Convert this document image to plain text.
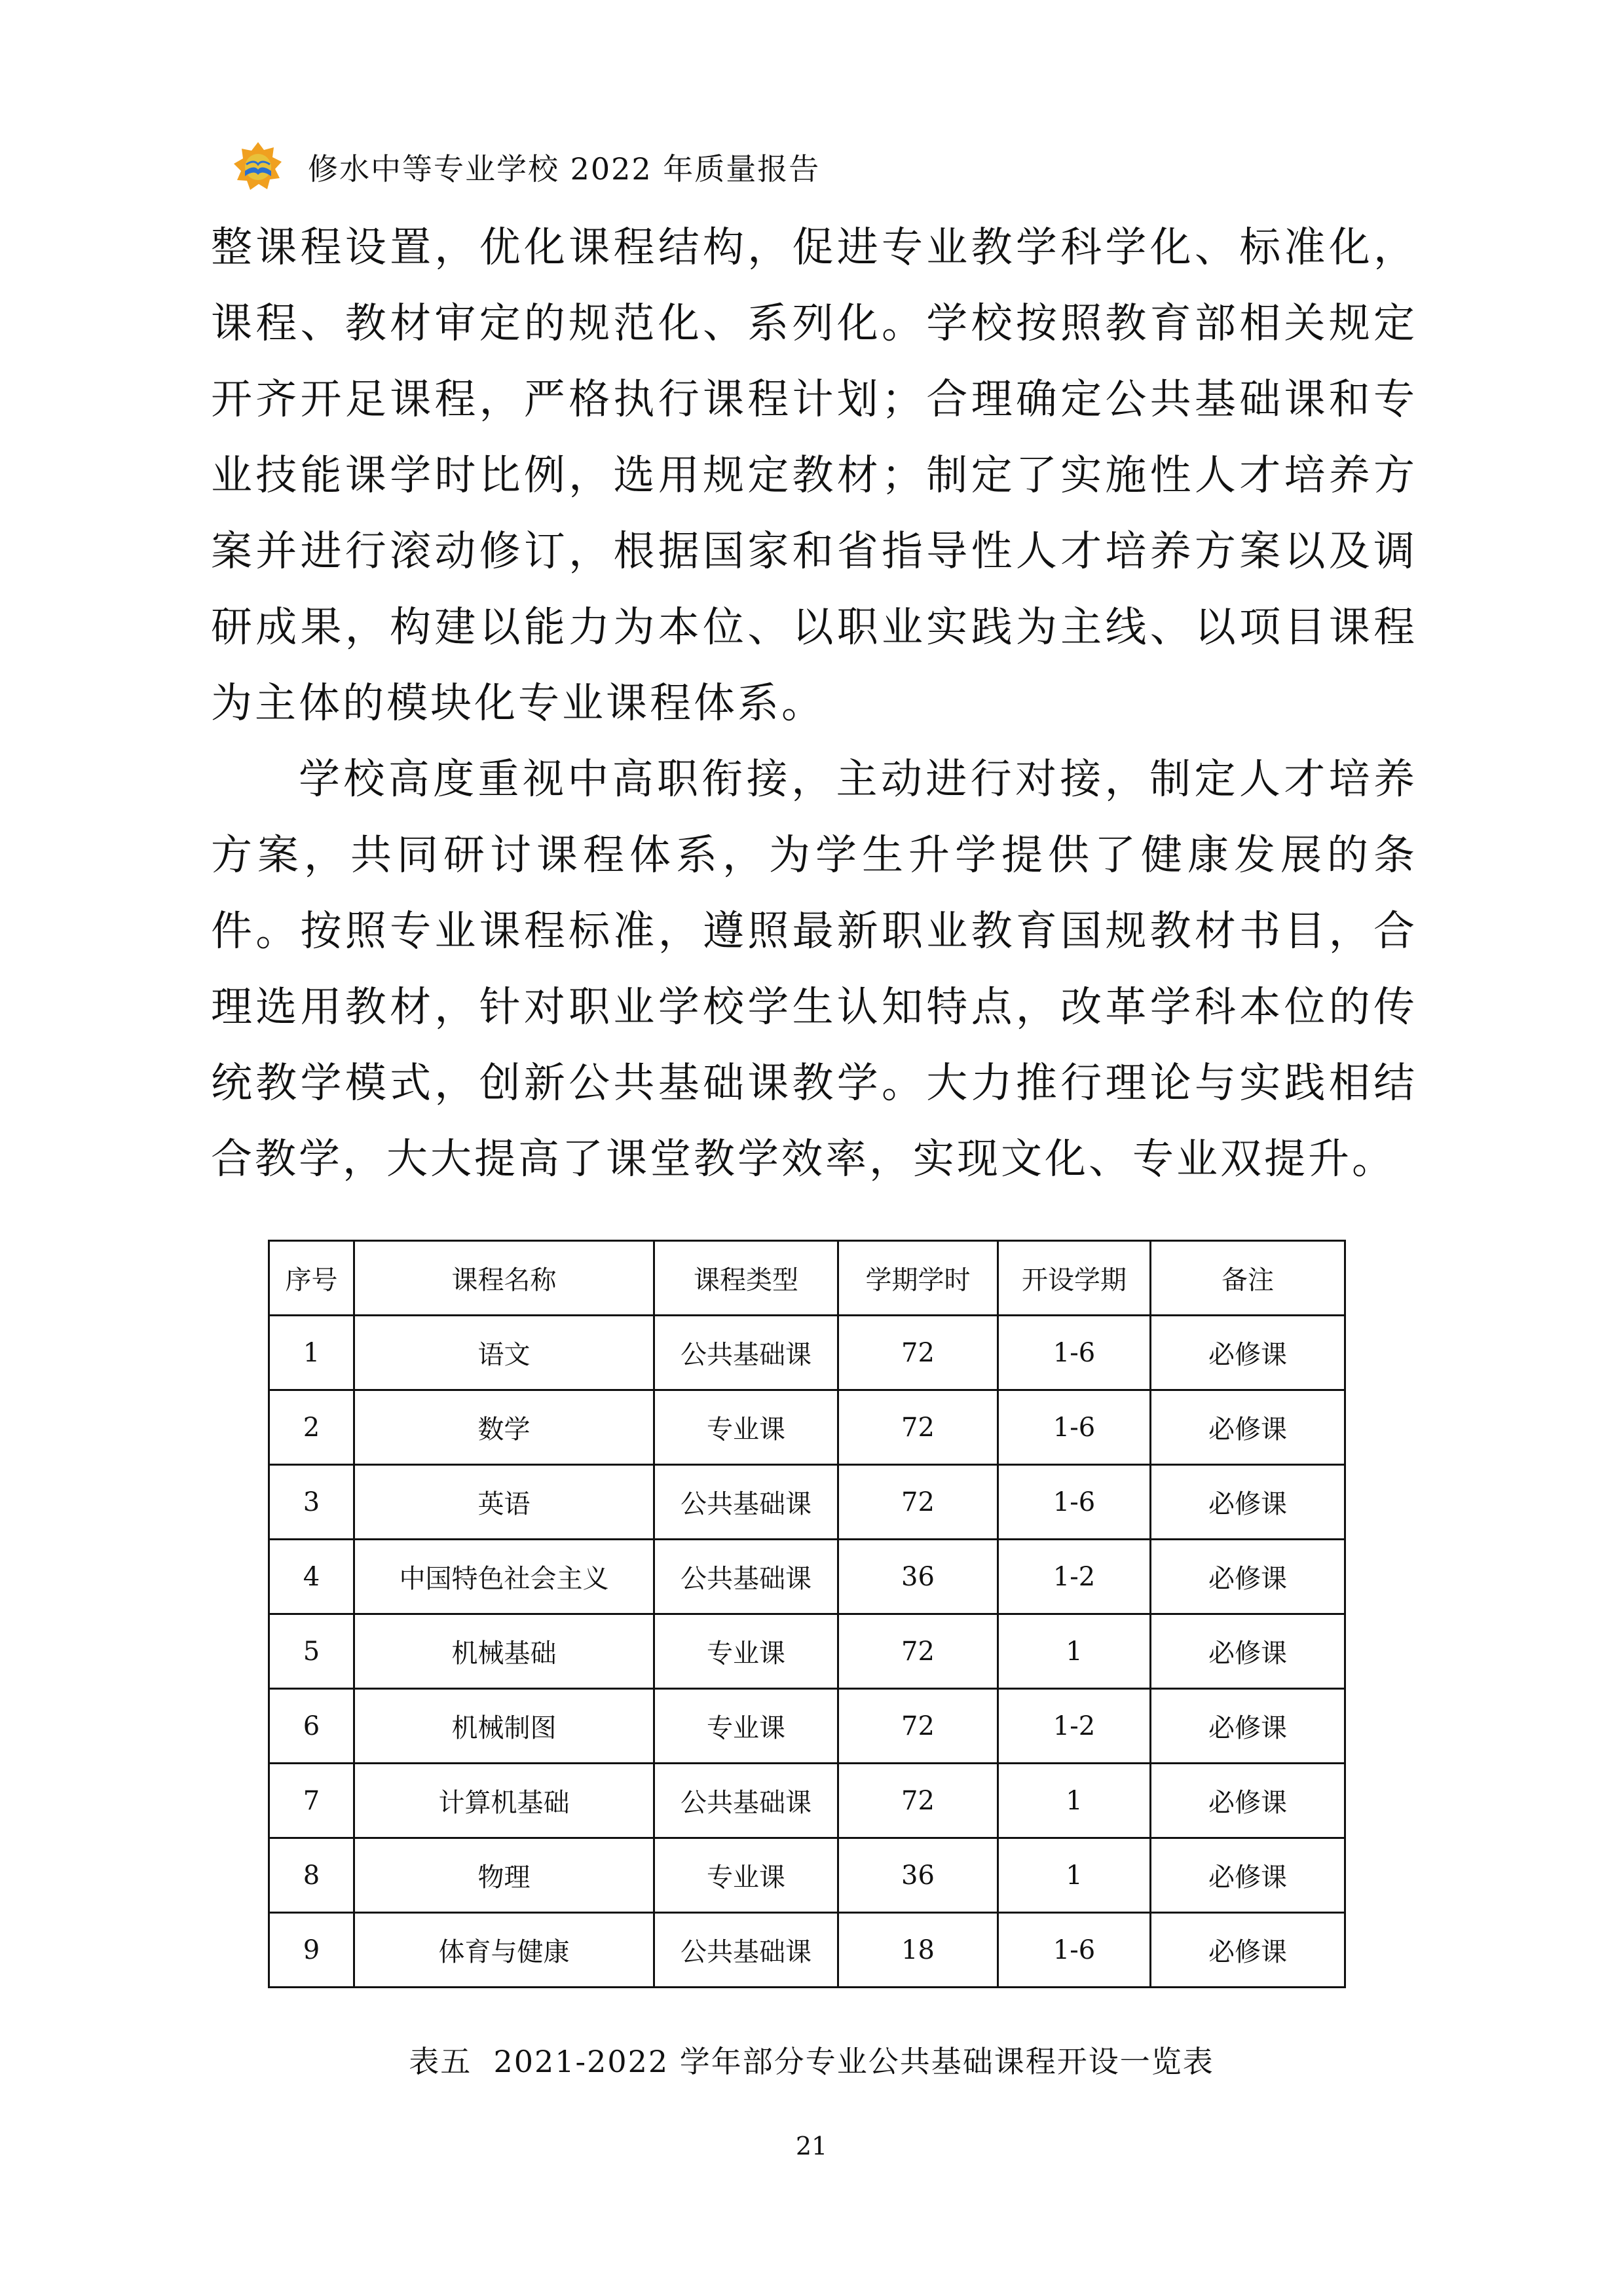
修水中等专业学校 2022 年质量报告

整课程设置，优化课程结构，促进专业教学科学化、标准化，课程、教材审定的规范化、系列化。学校按照教育部相关规定开齐开足课程，严格执行课程计划；合理确定公共基础课和专业技能课学时比例，选用规定教材；制定了实施性人才培养方案并进行滚动修订，根据国家和省指导性人才培养方案以及调研成果，构建以能力为本位、以职业实践为主线、以项目课程为主体的模块化专业课程体系。

学校高度重视中高职衔接，主动进行对接，制定人才培养方案，共同研讨课程体系，为学生升学提供了健康发展的条件。按照专业课程标准，遵照最新职业教育国规教材书目，合理选用教材，针对职业学校学生认知特点，改革学科本位的传统教学模式，创新公共基础课教学。大力推行理论与实践相结合教学，大大提高了课堂教学效率，实现文化、专业双提升。

序号	课程名称	课程类型	学期学时	开设学期	备注
1	语文	公共基础课	72	1-6	必修课
2	数学	专业课	72	1-6	必修课
3	英语	公共基础课	72	1-6	必修课
4	中国特色社会主义	公共基础课	36	1-2	必修课
5	机械基础	专业课	72	1	必修课
6	机械制图	专业课	72	1-2	必修课
7	计算机基础	公共基础课	72	1	必修课
8	物理	专业课	36	1	必修课
9	体育与健康	公共基础课	18	1-6	必修课
表五  2021-2022 学年部分专业公共基础课程开设一览表
21
